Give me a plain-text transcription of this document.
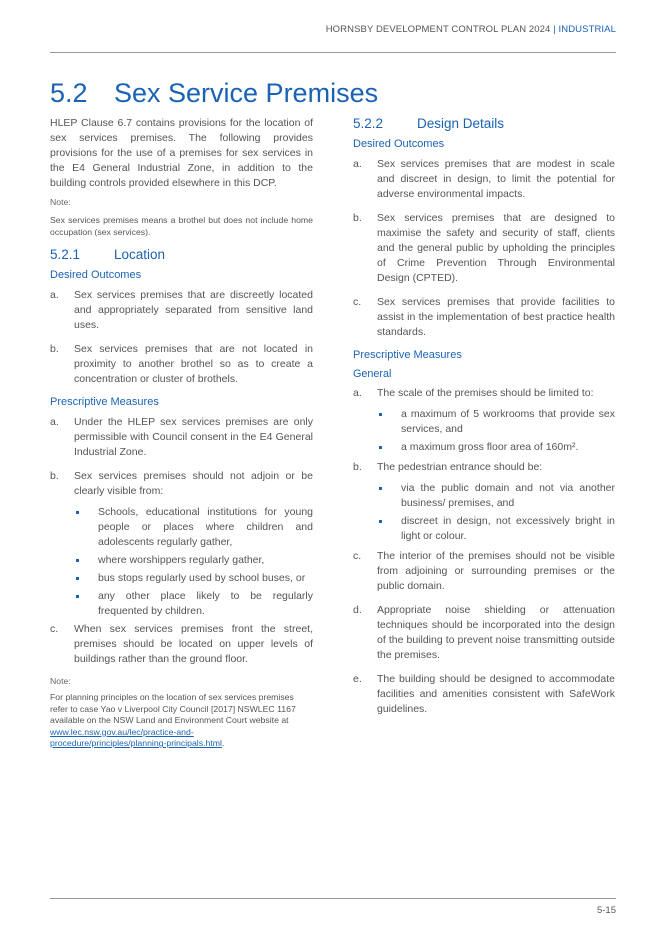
HORNSBY DEVELOPMENT CONTROL PLAN 2024 | INDUSTRIAL
5.2 Sex Service Premises

HLEP Clause 6.7 contains provisions for the location of sex services premises. The following provides provisions for the use of a premises for sex services in the E4 General Industrial Zone, in addition to the building controls provided elsewhere in this DCP.

Note:

Sex services premises means a brothel but does not include home occupation (sex services).

5.2.1	Location
Desired Outcomes
a. Sex services premises that are discreetly located and appropriately separated from sensitive land uses.
b. Sex services premises that are not located in proximity to another brothel so as to create a concentration or cluster of brothels.
Prescriptive Measures
a. Under the HLEP sex services premises are only permissible with Council consent in the E4 General Industrial Zone.
b. Sex services premises should not adjoin or be clearly visible from:
Schools, educational institutions for young people or places where children and adolescents regularly gather,
where worshippers regularly gather,
bus stops regularly used by school buses, or
any other place likely to be regularly frequented by children.
c. When sex services premises front the street, premises should be located on upper levels of buildings rather than the ground floor.

Note:

For planning principles on the location of sex services premises refer to case Yao v Liverpool City Council [2017] NSWLEC 1167 available on the NSW Land and Environment Court website at www.lec.nsw.gov.au/lec/practice-and-
procedure/principles/planning-principals.html.

5.2.2	Design Details
Desired Outcomes
a. Sex services premises that are modest in scale and discreet in design, to limit the potential for adverse environmental impacts.
b. Sex services premises that are designed to maximise the safety and security of staff, clients and the general public by upholding the principles of Crime Prevention Through Environmental Design (CPTED).
c. Sex services premises that provide facilities to assist in the implementation of best practice health standards.
Prescriptive Measures
General
a. The scale of the premises should be limited to:
a maximum of 5 workrooms that provide sex services, and
a maximum gross floor area of 160m².
b. The pedestrian entrance should be:
via the public domain and not via another business/ premises, and
discreet in design, not excessively bright in light or colour.
c. The interior of the premises should not be visible from adjoining or surrounding premises or the public domain.
d. Appropriate noise shielding or attenuation techniques should be incorporated into the design of the building to prevent noise transmitting outside the premises.
e. The building should be designed to accommodate facilities and amenities consistent with SafeWork guidelines.
5-15
